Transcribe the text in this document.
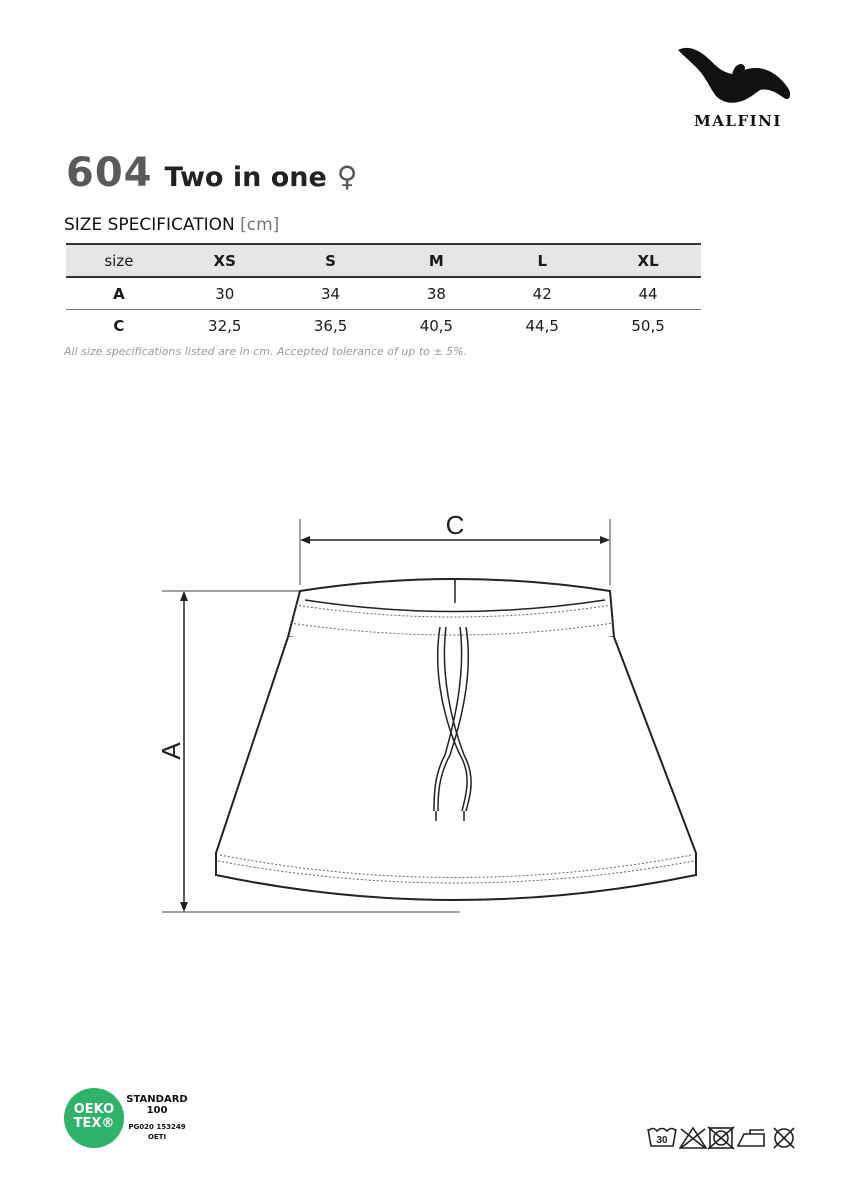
MALFINI
604 Two in one ♀
SIZE SPECIFICATION [cm]
size	XS	S	M	L	XL
A	30	34	38	42	44
C	32,5	36,5	40,5	44,5	50,5
All size specifications listed are in cm. Accepted tolerance of up to ± 5%.
C
A
OEKO
TEX®
STANDARD
100
PG020 153249
OETI	30
